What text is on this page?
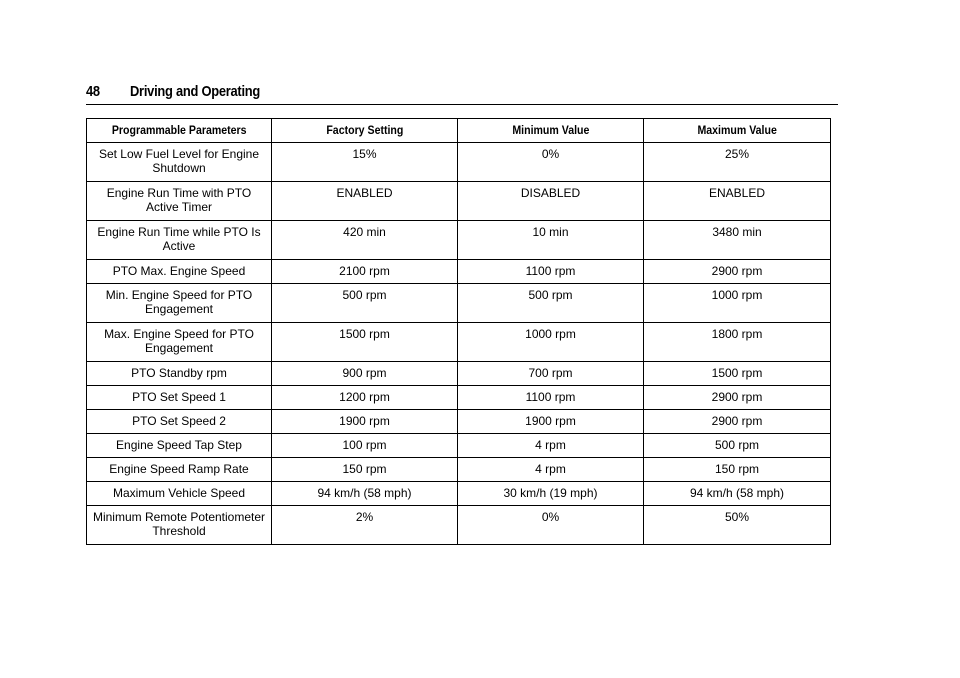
48 Driving and Operating
Programmable Parameters	Factory Setting	Minimum Value	Maximum Value
Set Low Fuel Level for Engine Shutdown	15%	0%	25%
Engine Run Time with PTO Active Timer	ENABLED	DISABLED	ENABLED
Engine Run Time while PTO Is Active	420 min	10 min	3480 min
PTO Max. Engine Speed	2100 rpm	1100 rpm	2900 rpm
Min. Engine Speed for PTO Engagement	500 rpm	500 rpm	1000 rpm
Max. Engine Speed for PTO Engagement	1500 rpm	1000 rpm	1800 rpm
PTO Standby rpm	900 rpm	700 rpm	1500 rpm
PTO Set Speed 1	1200 rpm	1100 rpm	2900 rpm
PTO Set Speed 2	1900 rpm	1900 rpm	2900 rpm
Engine Speed Tap Step	100 rpm	4 rpm	500 rpm
Engine Speed Ramp Rate	150 rpm	4 rpm	150 rpm
Maximum Vehicle Speed	94 km/h (58 mph)	30 km/h (19 mph)	94 km/h (58 mph)
Minimum Remote Potentiometer Threshold	2%	0%	50%
